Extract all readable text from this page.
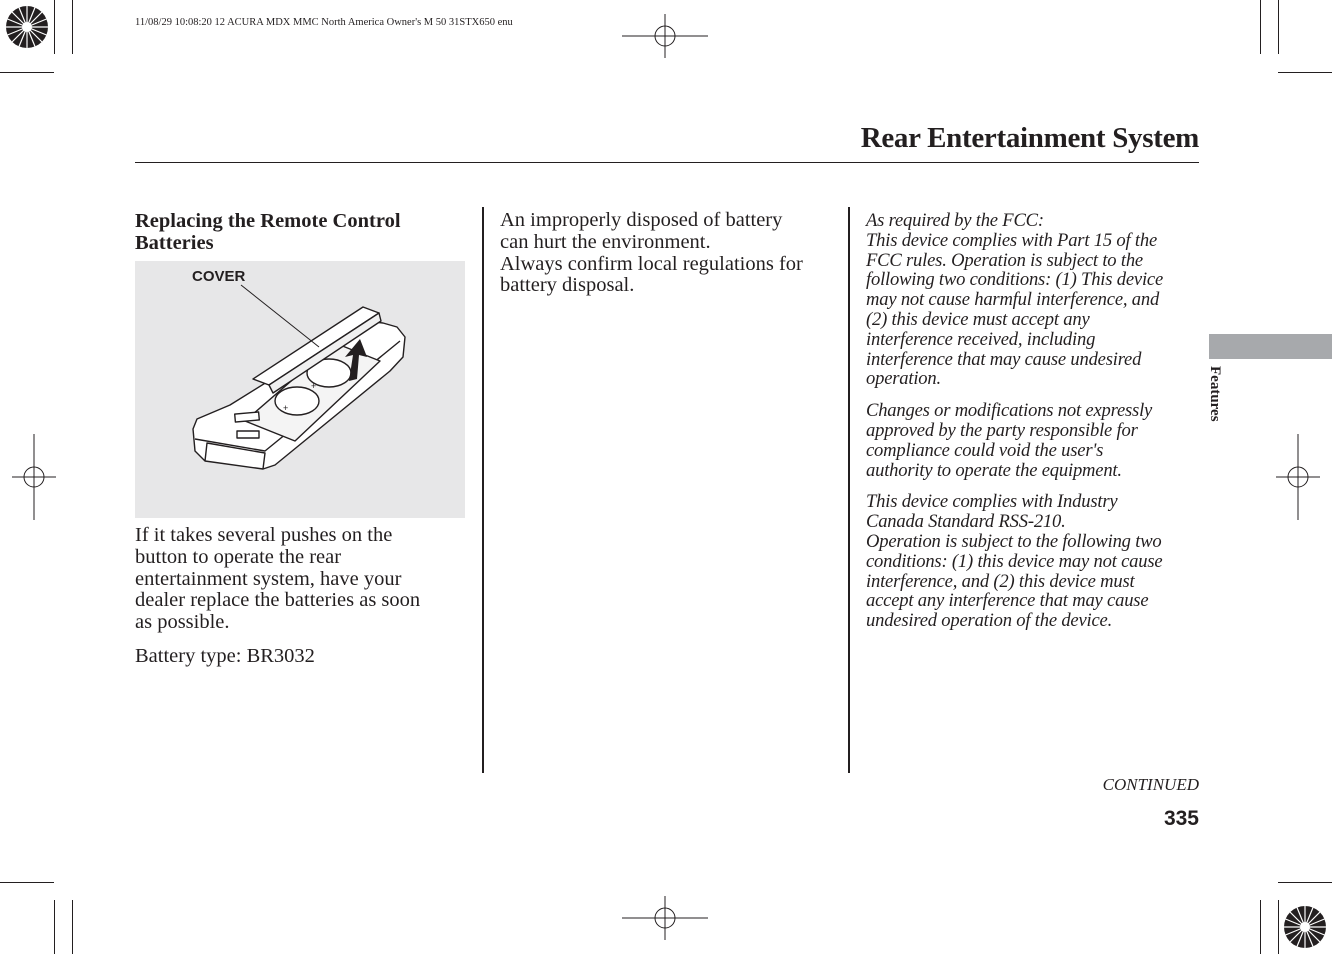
11/08/29 10:08:20 12 ACURA MDX MMC North America Owner's M 50 31STX650 enu
Rear Entertainment System
Features
Replacing the Remote Control
Batteries
+
+
COVER

If it takes several pushes on the
button to operate the rear
entertainment system, have your
dealer replace the batteries as soon
as possible.

Battery type: BR3032

An improperly disposed of battery
can hurt the environment.
Always confirm local regulations for
battery disposal.

As required by the FCC:
This device complies with Part 15 of the
FCC rules. Operation is subject to the
following two conditions: (1) This device
may not cause harmful interference, and
(2) this device must accept any
interference received, including
interference that may cause undesired
operation.

Changes or modifications not expressly
approved by the party responsible for
compliance could void the user's
authority to operate the equipment.

This device complies with Industry
Canada Standard RSS-210.

Operation is subject to the following two
conditions: (1) this device may not cause
interference, and (2) this device must
accept any interference that may cause
undesired operation of the device.

CONTINUED
335
